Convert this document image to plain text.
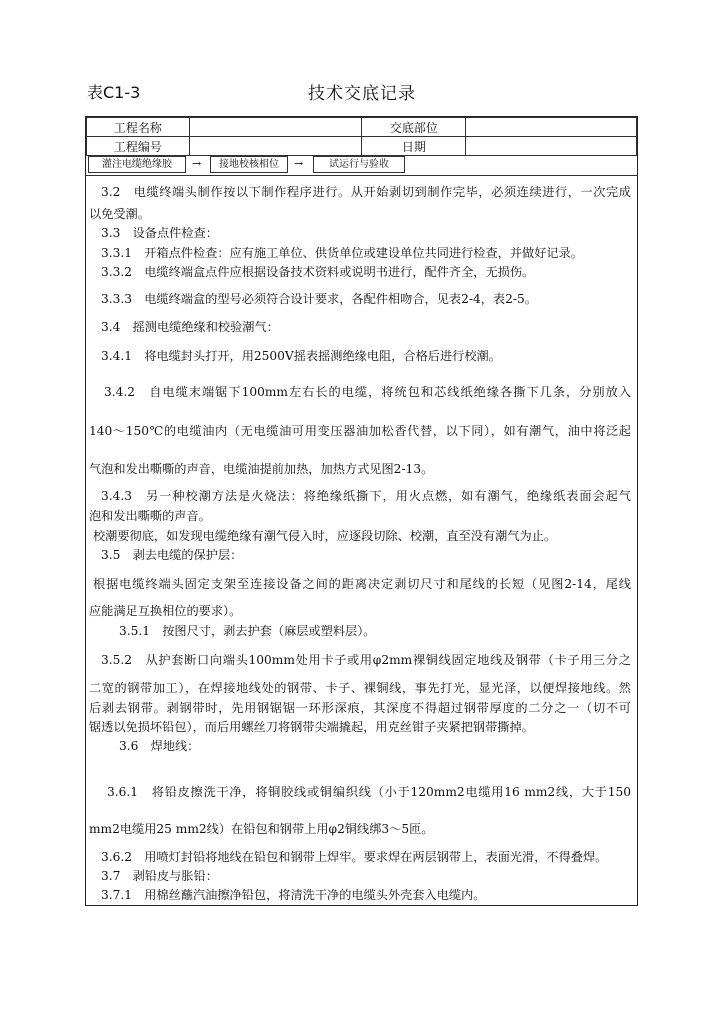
表C1-3	技术交底记录
工程名称		交底部位	
工程编号		日期	
灌注电缆绝缘胶	→	接地校核相位	→	试运行与验收
3.2　电缆终端头制作按以下制作程序进行。从开始剥切到制作完毕，必须连续进行，一次完成
以免受潮。
3.3　设备点件检查：
3.3.1　开箱点件检查：应有施工单位、供货单位或建设单位共同进行检查，并做好记录。
3.3.2　电缆终端盒点件应根据设备技术资料或说明书进行，配件齐全，无损伤。
3.3.3　电缆终端盒的型号必须符合设计要求，各配件相吻合，见表2-4，表2-5。
3.4　摇测电缆绝缘和校验潮气：
3.4.1　将电缆封头打开，用2500V摇表摇测绝缘电阻，合格后进行校潮。
3.4.2　自电缆末端锯下100mm左右长的电缆，将统包和芯线纸绝缘各撕下几条，分别放入
140～150℃的电缆油内（无电缆油可用变压器油加松香代替，以下同），如有潮气，油中将泛起
气泡和发出嘶嘶的声音，电缆油提前加热，加热方式见图2-13。
3.4.3　另一种校潮方法是火烧法：将绝缘纸撕下，用火点燃，如有潮气，绝缘纸表面会起气
泡和发出嘶嘶的声音。
校潮要彻底，如发现电缆绝缘有潮气侵入时，应逐段切除、校潮，直至没有潮气为止。
3.5　剥去电缆的保护层：
根据电缆终端头固定支架至连接设备之间的距离决定剥切尺寸和尾线的长短（见图2-14，尾线
应能满足互换相位的要求）。
3.5.1　按图尺寸，剥去护套（麻层或塑料层）。
3.5.2　从护套断口向端头100mm处用卡子或用φ2mm裸铜线固定地线及钢带（卡子用三分之
二宽的钢带加工），在焊接地线处的钢带、卡子、裸铜线，事先打光，显光泽，以便焊接地线。然
后剥去钢带。剥钢带时，先用钢锯锯一环形深痕，其深度不得超过钢带厚度的二分之一（切不可
锯透以免损坏铅包），而后用螺丝刀将钢带尖端撬起，用克丝钳子夹紧把钢带撕掉。
3.6　焊地线：
3.6.1　将铅皮擦洗干净，将铜胶线或铜编织线（小于120mm2电缆用16 mm2线，大于150
mm2电缆用25 mm2线）在铅包和钢带上用φ2铜线绑3～5匝。
3.6.2　用喷灯封铅将地线在铅包和钢带上焊牢。要求焊在两层钢带上，表面光滑，不得叠焊。
3.7　剥铅皮与胀铅：
3.7.1　用棉丝蘸汽油擦净铅包，将清洗干净的电缆头外壳套入电缆内。
